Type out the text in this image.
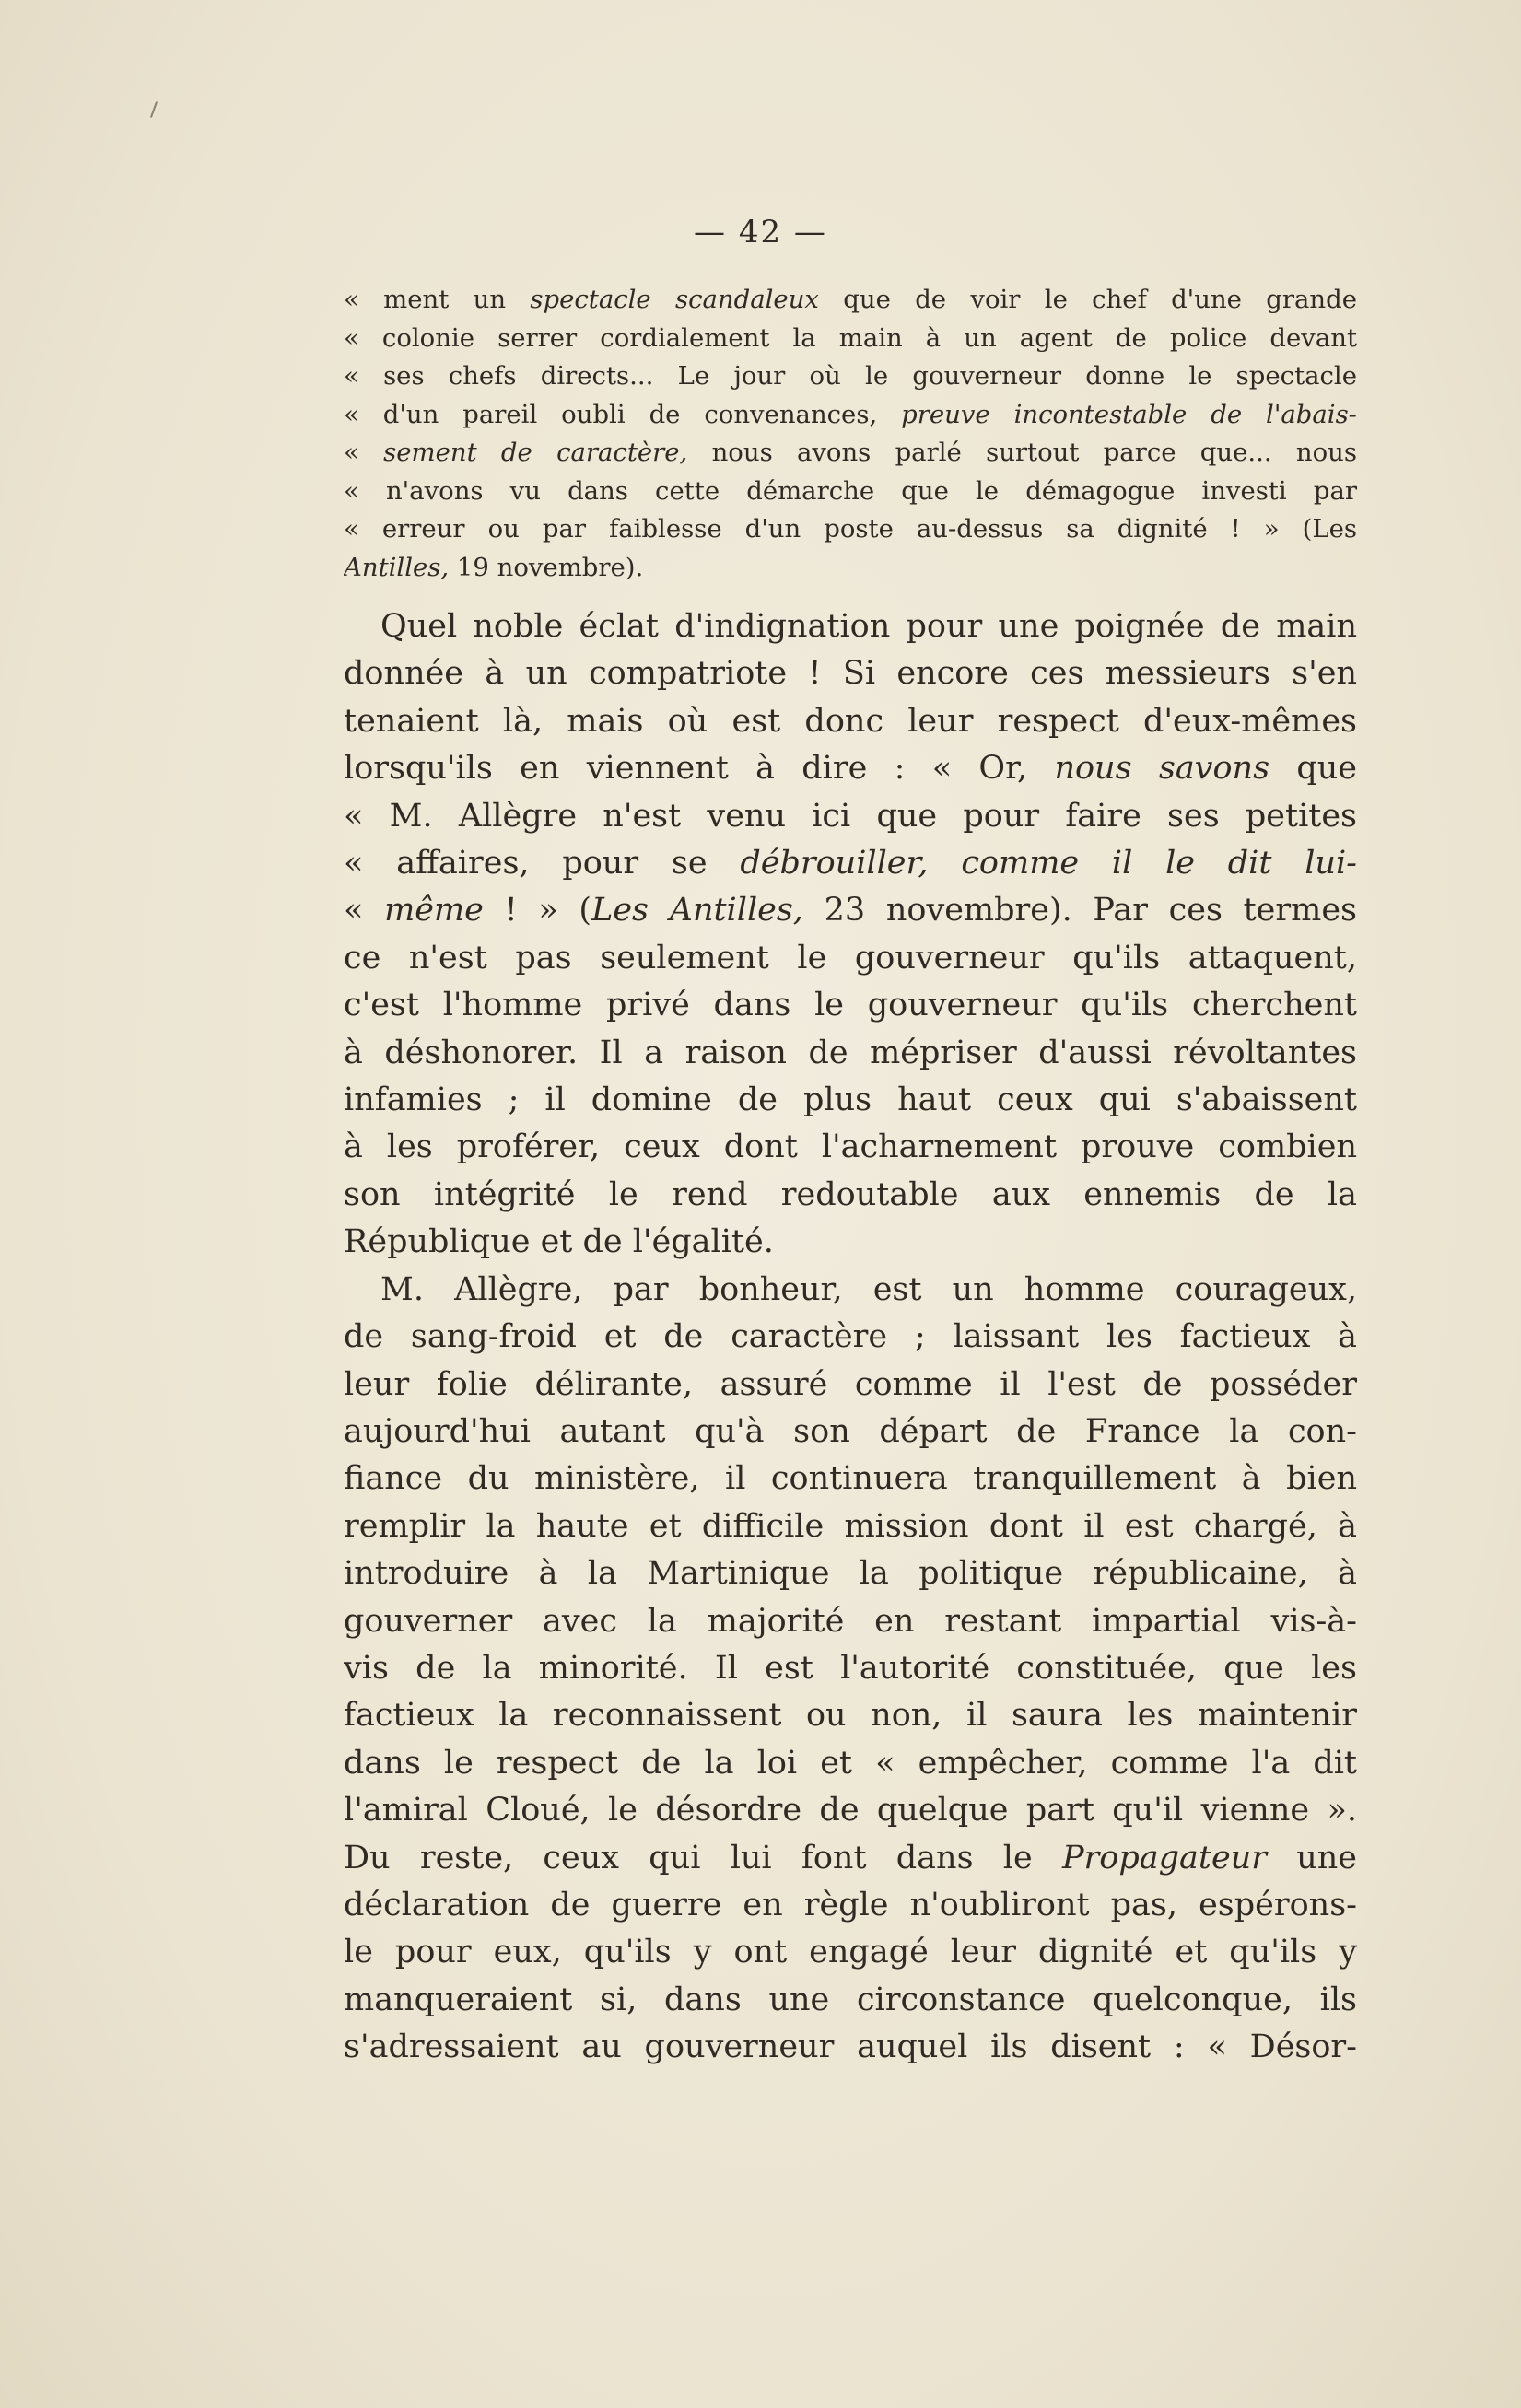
— 42 —
« ment un spectacle scandaleux que de voir le chef d'une grande
« colonie serrer cordialement la main à un agent de police devant
« ses chefs directs... Le jour où le gouverneur donne le spectacle
« d'un pareil oubli de convenances, preuve incontestable de l'abais-
« sement de caractère, nous avons parlé surtout parce que... nous
« n'avons vu dans cette démarche que le démagogue investi par
« erreur ou par faiblesse d'un poste au-dessus sa dignité ! » (Les
Antilles, 19 novembre).
Quel noble éclat d'indignation pour une poignée de main
donnée à un compatriote ! Si encore ces messieurs s'en
tenaient là, mais où est donc leur respect d'eux-mêmes
lorsqu'ils en viennent à dire : « Or, nous savons que
« M. Allègre n'est venu ici que pour faire ses petites
« affaires, pour se débrouiller, comme il le dit lui-
« même ! » (Les Antilles, 23 novembre). Par ces termes
ce n'est pas seulement le gouverneur qu'ils attaquent,
c'est l'homme privé dans le gouverneur qu'ils cherchent
à déshonorer. Il a raison de mépriser d'aussi révoltantes
infamies ; il domine de plus haut ceux qui s'abaissent
à les proférer, ceux dont l'acharnement prouve combien
son intégrité le rend redoutable aux ennemis de la
République et de l'égalité.
M. Allègre, par bonheur, est un homme courageux,
de sang-froid et de caractère ; laissant les factieux à
leur folie délirante, assuré comme il l'est de posséder
aujourd'hui autant qu'à son départ de France la con-
fiance du ministère, il continuera tranquillement à bien
remplir la haute et difficile mission dont il est chargé, à
introduire à la Martinique la politique républicaine, à
gouverner avec la majorité en restant impartial vis-à-
vis de la minorité. Il est l'autorité constituée, que les
factieux la reconnaissent ou non, il saura les maintenir
dans le respect de la loi et « empêcher, comme l'a dit
l'amiral Cloué, le désordre de quelque part qu'il vienne ».
Du reste, ceux qui lui font dans le Propagateur une
déclaration de guerre en règle n'oubliront pas, espérons-
le pour eux, qu'ils y ont engagé leur dignité et qu'ils y
manqueraient si, dans une circonstance quelconque, ils
s'adressaient au gouverneur auquel ils disent : « Désor-
